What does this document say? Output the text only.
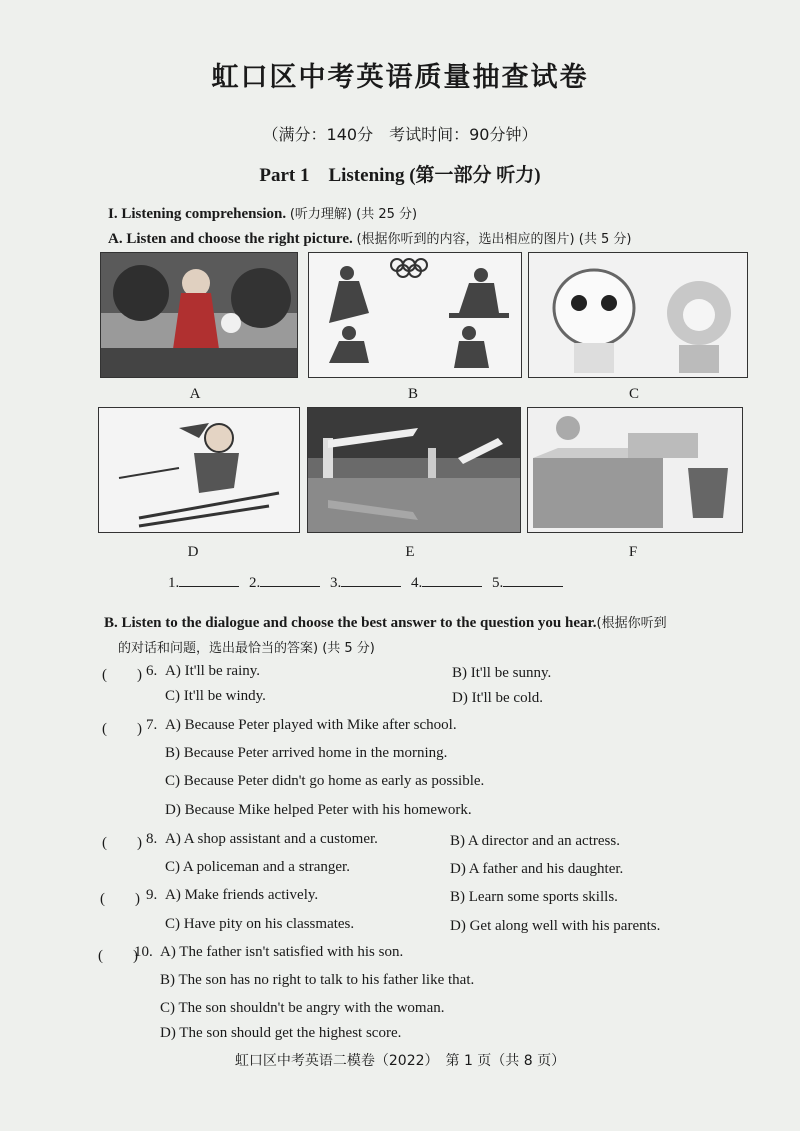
虹口区中考英语质量抽查试卷
（满分：140分　考试时间：90分钟）
Part 1　Listening (第一部分 听力)
I. Listening comprehension. (听力理解) (共 25 分)
A. Listen and choose the right picture. (根据你听到的内容，选出相应的图片) (共 5 分)
A	B	C
D	E	F
1.	2.	3.	4.	5.
B. Listen to the dialogue and choose the best answer to the question you hear.(根据你听到
的对话和问题，选出最恰当的答案) (共 5 分)
(　　) 6. A) It'll be rainy.	B) It'll be sunny.
C) It'll be windy.	D) It'll be cold.
(　　) 7. A) Because Peter played with Mike after school.
B) Because Peter arrived home in the morning.
C) Because Peter didn't go home as early as possible.
D) Because Mike helped Peter with his homework.
(　　) 8. A) A shop assistant and a customer.	B) A director and an actress.
C) A policeman and a stranger.	D) A father and his daughter.
(　　) 9. A) Make friends actively.	B) Learn some sports skills.
C) Have pity on his classmates.	D) Get along well with his parents.
(　　)
10. A) The father isn't satisfied with his son.
B) The son has no right to talk to his father like that.
C) The son shouldn't be angry with the woman.
D) The son should get the highest score.
虹口区中考英语二模卷（2022）　第 1 页（共 8 页）
